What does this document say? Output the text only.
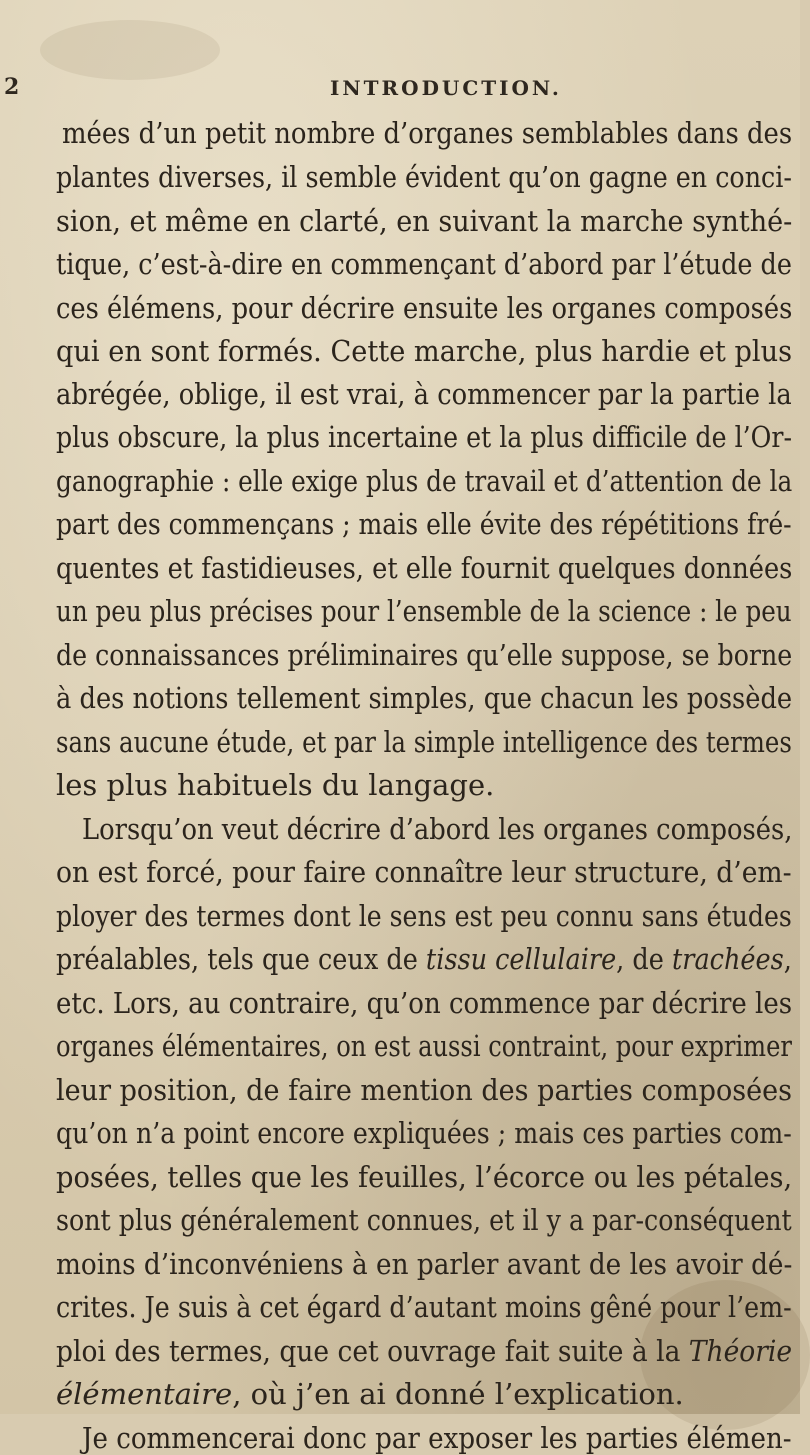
2	INTRODUCTION.
mées d’un petit nombre d’organes semblables dans des
plantes diverses, il semble évident qu’on gagne en conci-
sion, et même en clarté, en suivant la marche synthé-
tique, c’est-à-dire en commençant d’abord par l’étude de
ces élémens, pour décrire ensuite les organes composés
qui en sont formés. Cette marche, plus hardie et plus
abrégée, oblige, il est vrai, à commencer par la partie la
plus obscure, la plus incertaine et la plus difficile de l’Or-
ganographie : elle exige plus de travail et d’attention de la
part des commençans ; mais elle évite des répétitions fré-
quentes et fastidieuses, et elle fournit quelques données
un peu plus précises pour l’ensemble de la science : le peu
de connaissances préliminaires qu’elle suppose, se borne
à des notions tellement simples, que chacun les possède
sans aucune étude, et par la simple intelligence des termes
les plus habituels du langage.
Lorsqu’on veut décrire d’abord les organes composés,
on est forcé, pour faire connaître leur structure, d’em-
ployer des termes dont le sens est peu connu sans études
préalables, tels que ceux de tissu cellulaire, de trachées,
etc. Lors, au contraire, qu’on commence par décrire les
organes élémentaires, on est aussi contraint, pour exprimer
leur position, de faire mention des parties composées
qu’on n’a point encore expliquées ; mais ces parties com-
posées, telles que les feuilles, l’écorce ou les pétales,
sont plus généralement connues, et il y a par-conséquent
moins d’inconvéniens à en parler avant de les avoir dé-
crites. Je suis à cet égard d’autant moins gêné pour l’em-
ploi des termes, que cet ouvrage fait suite à la Théorie
élémentaire, où j’en ai donné l’explication.
Je commencerai donc par exposer les parties élémen-
